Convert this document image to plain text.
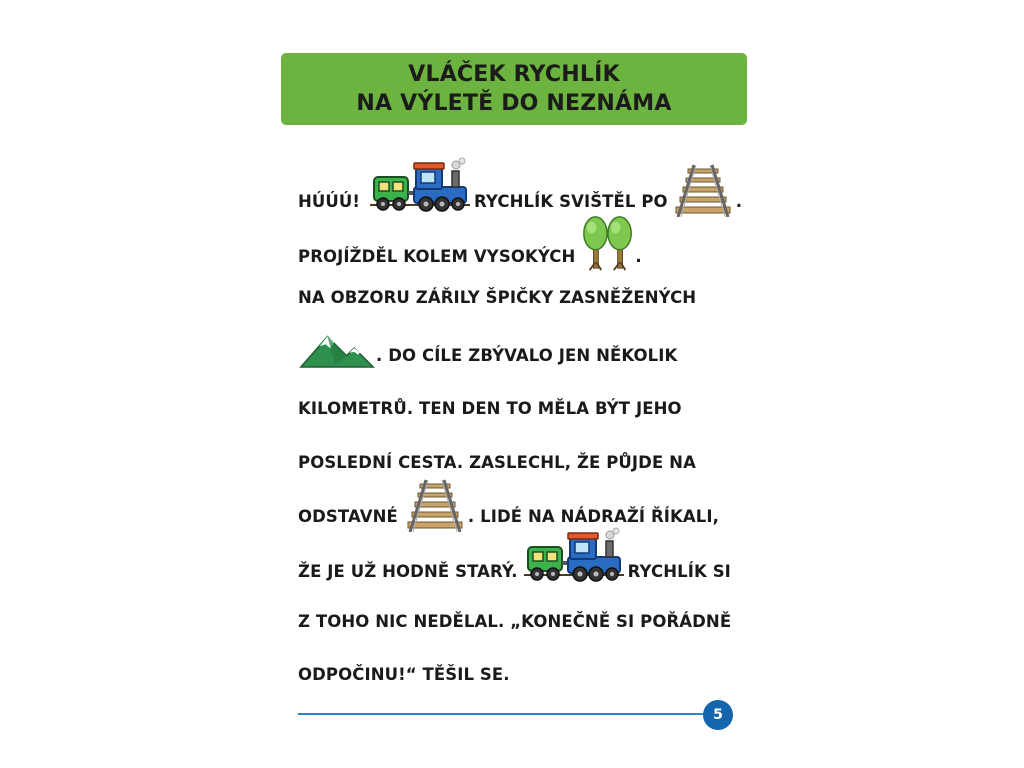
VLÁČEK RYCHLÍK
NA VÝLETĚ DO NEZNÁMA
HÚÚÚ!	RYCHLÍK SVIŠTĚL PO	.
PROJÍŽDĚL KOLEM VYSOKÝCH	.
NA OBZORU ZÁŘILY ŠPIČKY ZASNĚŽENÝCH
. DO CÍLE ZBÝVALO JEN NĚKOLIK
KILOMETRŮ. TEN DEN TO MĚLA BÝT JEHO
POSLEDNÍ CESTA. ZASLECHL, ŽE PŮJDE NA
ODSTAVNÉ	. LIDÉ NA NÁDRAŽÍ ŘÍKALI,
ŽE JE UŽ HODNĚ STARÝ.	RYCHLÍK SI
Z TOHO NIC NEDĚLAL. „KONEČNĚ SI POŘÁDNĚ
ODPOČINU!“ TĚŠIL SE.
5
